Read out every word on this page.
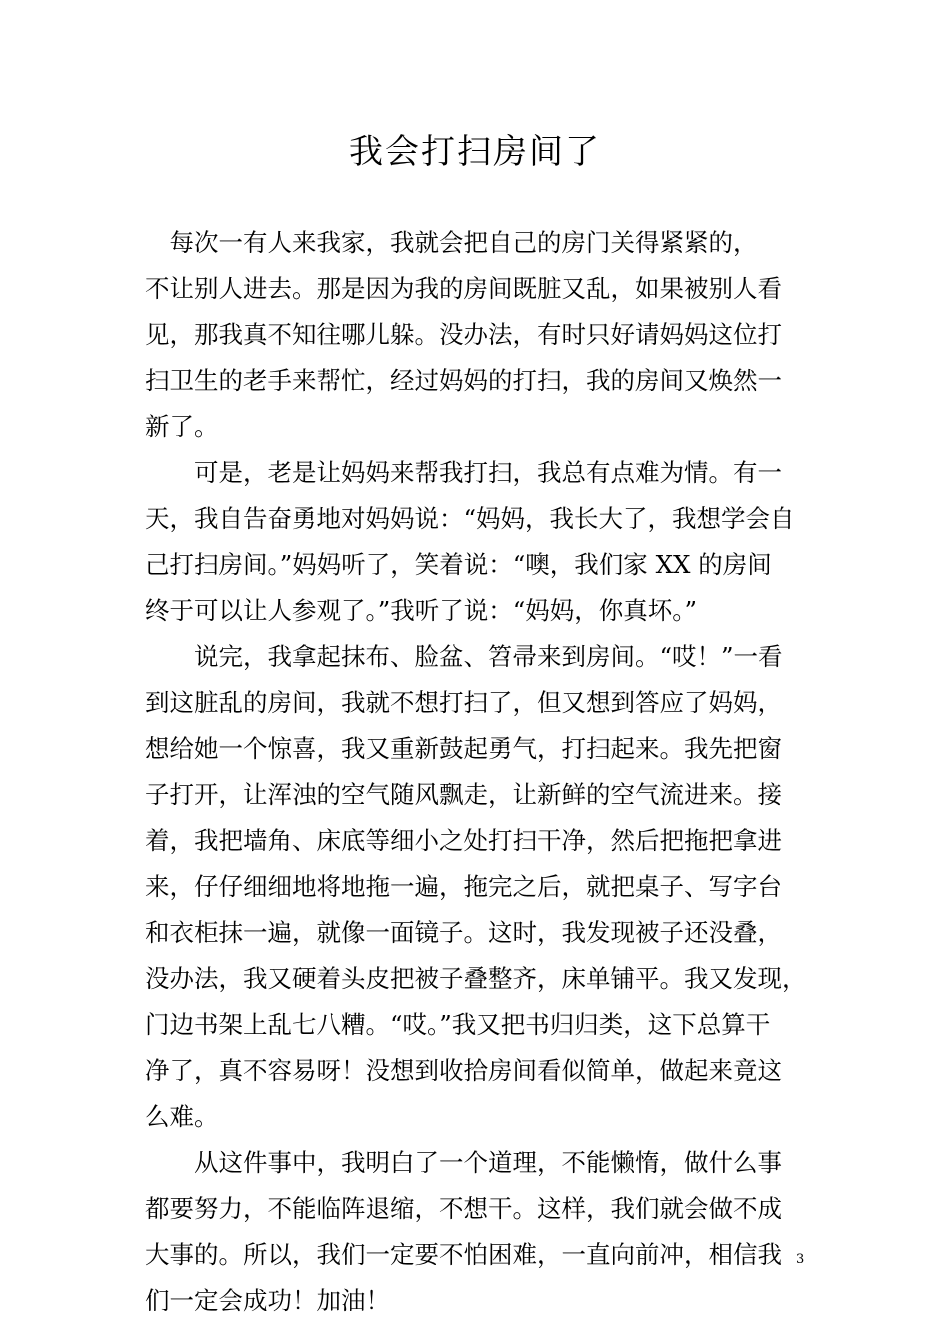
我会打扫房间了
　每次一有人来我家，我就会把自己的房门关得紧紧的，
不让别人进去。那是因为我的房间既脏又乱，如果被别人看
见，那我真不知往哪儿躲。没办法，有时只好请妈妈这位打
扫卫生的老手来帮忙，经过妈妈的打扫，我的房间又焕然一
新了。
　　可是，老是让妈妈来帮我打扫，我总有点难为情。有一
天，我自告奋勇地对妈妈说：“妈妈，我长大了，我想学会自
己打扫房间。”妈妈听了，笑着说：“噢，我们家 XX 的房间
终于可以让人参观了。”我听了说：“妈妈，你真坏。”
　　说完，我拿起抹布、脸盆、笤帚来到房间。“哎！”一看
到这脏乱的房间，我就不想打扫了，但又想到答应了妈妈，
想给她一个惊喜，我又重新鼓起勇气，打扫起来。我先把窗
子打开，让浑浊的空气随风飘走，让新鲜的空气流进来。接
着，我把墙角、床底等细小之处打扫干净，然后把拖把拿进
来，仔仔细细地将地拖一遍，拖完之后，就把桌子、写字台
和衣柜抹一遍，就像一面镜子。这时，我发现被子还没叠，
没办法，我又硬着头皮把被子叠整齐，床单铺平。我又发现，
门边书架上乱七八糟。“哎。”我又把书归归类，这下总算干
净了，真不容易呀！没想到收拾房间看似简单，做起来竟这
么难。
　　从这件事中，我明白了一个道理，不能懒惰，做什么事
都要努力，不能临阵退缩，不想干。这样，我们就会做不成
大事的。所以，我们一定要不怕困难，一直向前冲，相信我
们一定会成功！加油！
3
